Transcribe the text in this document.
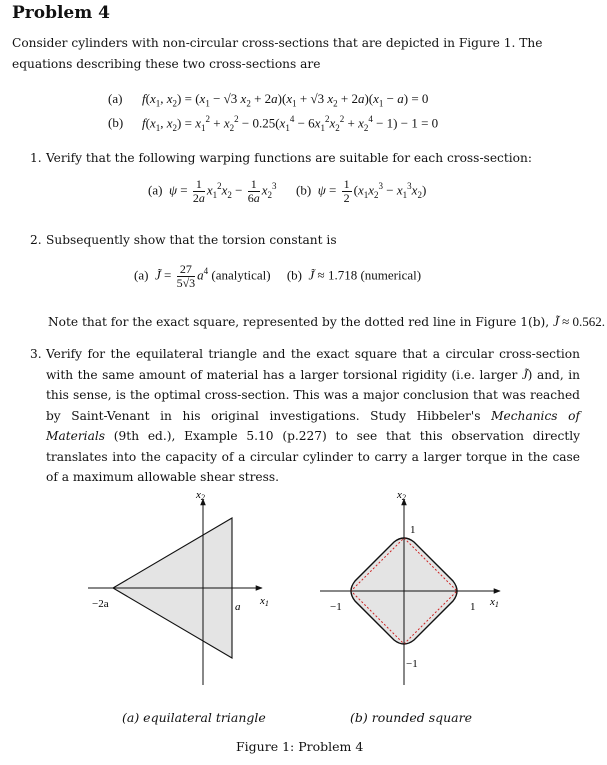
Problem 4
Consider cylinders with non-circular cross-sections that are depicted in Figure 1. The equations describing these two cross-sections are
(a) $f(x_1$, $x_2) = (x_1 - √3$ $x_2 + 2a)(x_1 + √3$ $x_2 + 2a)(x_1 - a) = 0$
(b) $f(x_1$, $x_2) = x_1^2 + x_2^2 - 0.25(x_1^4 - 6x_1^2x_2^2 + x_2^4 - 1) - 1 = 0$
1. Verify that the following warping functions are suitable for each cross-section:
(a)  $\psi = \frac{1}{2a} x_1^2x_2 - \frac{1}{6a} x_2^3$      (b)  $\psi = \frac{1}{2} (x_1x_2^3 - x_1^3x_2)$
2. Subsequently show that the torsion constant is
(a)  J̃ = $\frac{27}{5√3} a^4$ (analytical)     (b)  J̃ ≈ 1.718 (numerical)
Note that for the exact square, represented by the dotted red line in Figure 1(b), J̃ ≈ 0.562.
3. Verify for the equilateral triangle and the exact square that a circular cross-section with the same amount of material has a larger torsional rigidity (i.e. larger J̃) and, in this sense, is the optimal cross-section. This was a major conclusion that was reached by Saint-Venant in his original investigations. Study Hibbeler's Mechanics of Materials (9th ed.), Example 5.10 (p.227) to see that this observation directly translates into the capacity of a circular cylinder to carry a larger torque in the case of a maximum allowable shear stress.
x1
x2
−2a	a	x1
x2
−1	1
1
−1
(a) equilateral triangle	(b) rounded square
Figure 1: Problem 4
